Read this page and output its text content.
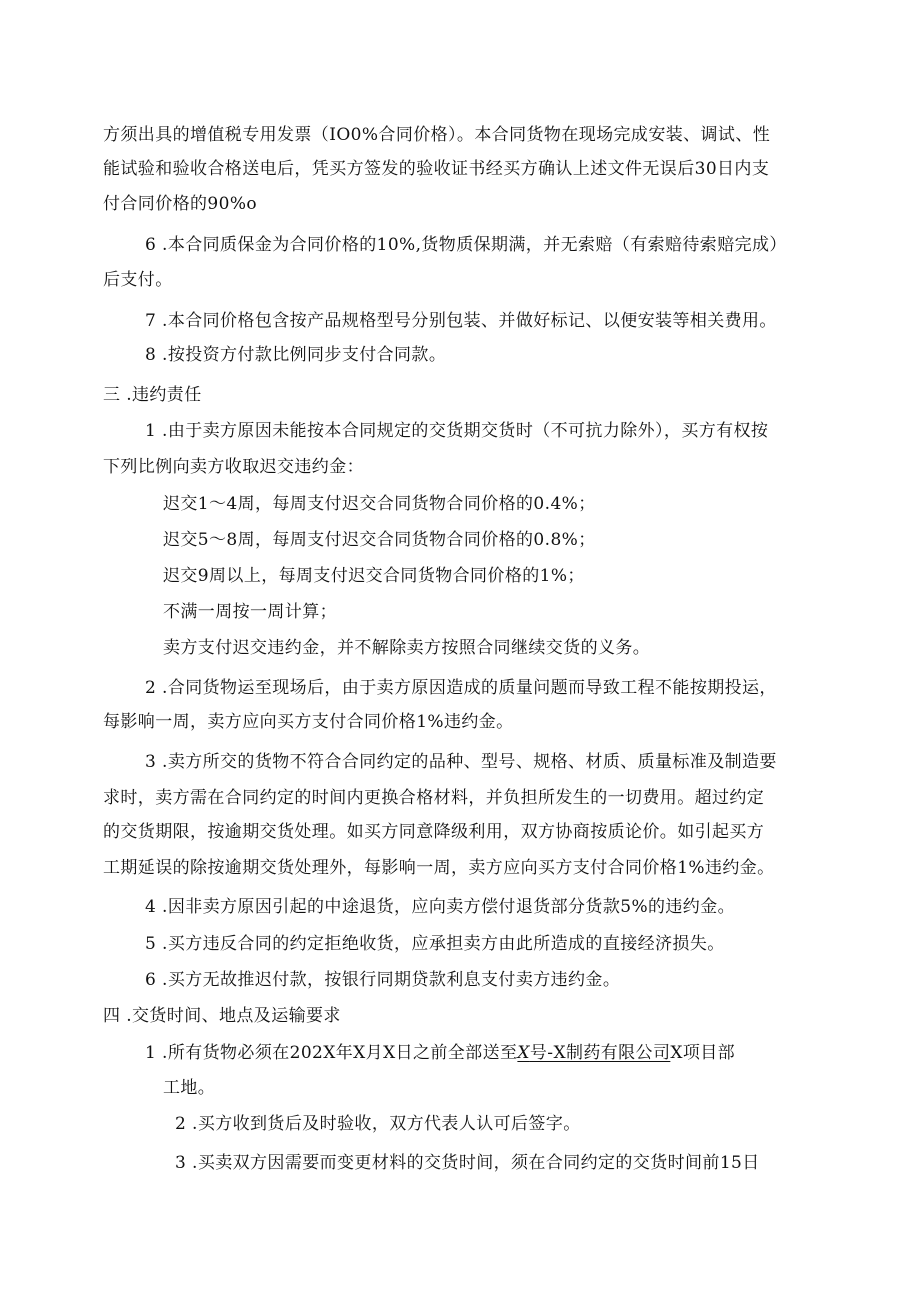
方须出具的增值税专用发票（IO0%合同价格）。本合同货物在现场完成安装、调试、性
能试验和验收合格送电后，凭买方签发的验收证书经买方确认上述文件无误后30日内支
付合同价格的90%o
6 .本合同质保金为合同价格的10%,货物质保期满，并无索赔（有索赔待索赔完成）
后支付。
7 .本合同价格包含按产品规格型号分别包装、并做好标记、以便安装等相关费用。
8 .按投资方付款比例同步支付合同款。
三 .违约责任
1 .由于卖方原因未能按本合同规定的交货期交货时（不可抗力除外），买方有权按
下列比例向卖方收取迟交违约金：
迟交1〜4周，每周支付迟交合同货物合同价格的0.4%；
迟交5〜8周，每周支付迟交合同货物合同价格的0.8%；
迟交9周以上，每周支付迟交合同货物合同价格的1%；
不满一周按一周计算；
卖方支付迟交违约金，并不解除卖方按照合同继续交货的义务。
2 .合同货物运至现场后，由于卖方原因造成的质量问题而导致工程不能按期投运，
每影响一周，卖方应向买方支付合同价格1%违约金。
3 .卖方所交的货物不符合合同约定的品种、型号、规格、材质、质量标准及制造要
求时，卖方需在合同约定的时间内更换合格材料，并负担所发生的一切费用。超过约定
的交货期限，按逾期交货处理。如买方同意降级利用，双方协商按质论价。如引起买方
工期延误的除按逾期交货处理外，每影响一周，卖方应向买方支付合同价格1%违约金。
4 .因非卖方原因引起的中途退货，应向卖方偿付退货部分货款5%的违约金。
5 .买方违反合同的约定拒绝收货，应承担卖方由此所造成的直接经济损失。
6 .买方无故推迟付款，按银行同期贷款利息支付卖方违约金。
四 .交货时间、地点及运输要求
1 .所有货物必须在202X年X月X日之前全部送至X号-X制药有限公司X项目部
工地。
2 .买方收到货后及时验收，双方代表人认可后签字。
3 .买卖双方因需要而变更材料的交货时间，须在合同约定的交货时间前15日
